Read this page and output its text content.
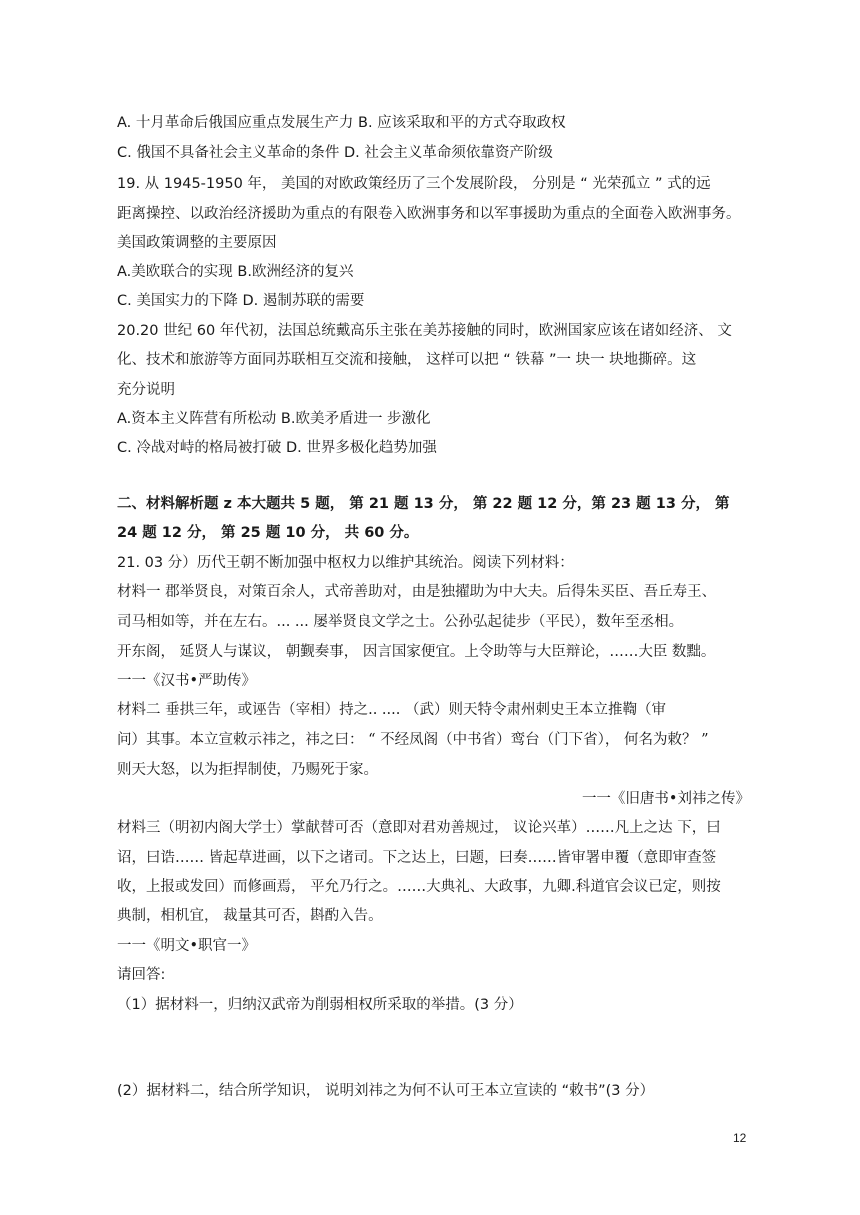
A. 十月革命后俄国应重点发展生产力 B. 应该采取和平的方式夺取政权
C. 俄国不具备社会主义革命的条件 D. 社会主义革命须依靠资产阶级
19. 从 1945-1950 年， 美国的对欧政策经历了三个发展阶段， 分别是 “ 光荣孤立 ” 式的远
距离操控、以政治经济援助为重点的有限卷入欧洲事务和以军事援助为重点的全面卷入欧洲事务。
美国政策调整的主要原因
A.美欧联合的实现 B.欧洲经济的复兴
C. 美国实力的下降 D. 遏制苏联的需要
20.20 世纪 60 年代初，法国总统戴高乐主张在美苏接触的同时，欧洲国家应该在诸如经济、 文
化、技术和旅游等方面同苏联相互交流和接触， 这样可以把 “ 铁幕 ”一 块一 块地撕碎。这
充分说明
A.资本主义阵营有所松动 B.欧美矛盾进一 步激化
C. 冷战对峙的格局被打破 D. 世界多极化趋势加强
二、材料解析题 z 本大题共 5 题， 第 21 题 13 分， 第 22 题 12 分，第 23 题 13 分， 第
24 题 12 分， 第 25 题 10 分， 共 60 分。
21. 03 分）历代王朝不断加强中枢权力以维护其统治。阅读下列材料：
材料一 郡举贤良，对策百余人，式帝善助对，由是独擢助为中大夫。后得朱买臣、吾丘寿王、
司马相如等，并在左右。... ... 屡举贤良文学之士。公孙弘起徒步（平民），数年至丞相。
开东阁， 延贤人与谋议， 朝觐奏事， 因言国家便宜。上令助等与大臣辩论，……大臣 数黜。
一一《汉书•严助传》
材料二 垂拱三年，或诬告（宰相）持之.. .... （武）则天特令肃州刺史王本立推鞫（审
问）其事。本立宣敕示祎之，祎之曰： “ 不经凤阁（中书省）鸾台（门下省）， 何名为敕？ ”
则天大怒，以为拒捍制使，乃赐死于家。
一一《旧唐书•刘祎之传》
材料三（明初内阁大学士）掌献替可否（意即对君劝善规过， 议论兴革）……凡上之达 下，曰
诏，曰诰…… 皆起草进画，以下之诸司。下之达上，曰题，曰奏……皆审署申覆（意即审查签
收，上报或发回）而修画焉， 平允乃行之。……大典礼、大政事，九卿.科道官会议已定，则按
典制，相机宜， 裁量其可否，斟酌入告。
一一《明文•职官一》
请回答:
（1）据材料一，归纳汉武帝为削弱相权所采取的举措。(3 分）
(2）据材料二，结合所学知识， 说明刘祎之为何不认可王本立宣读的 “敕书”(3 分）
12
